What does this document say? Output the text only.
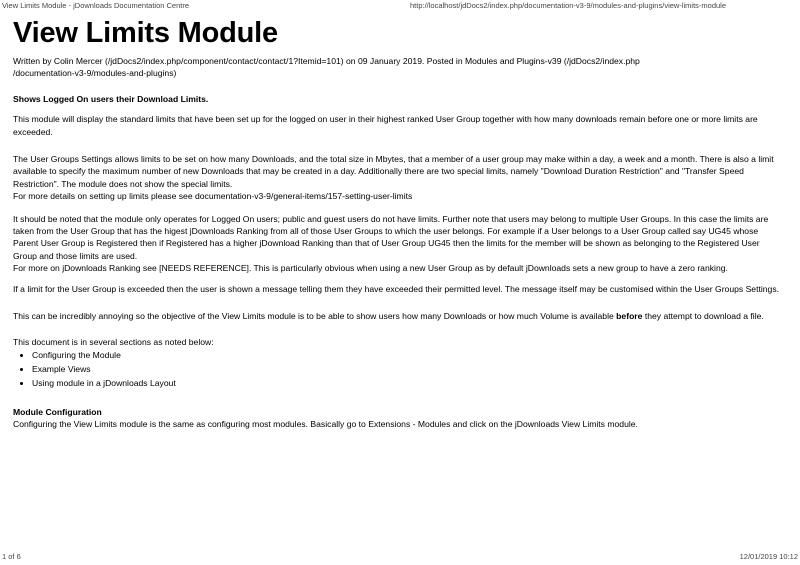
View Limits Module - jDownloads Documentation Centre	http://localhost/jdDocs2/index.php/documentation-v3-9/modules-and-plugins/view-limits-module
View Limits Module

Written by Colin Mercer (/jdDocs2/index.php/component/contact/contact/1?Itemid=101) on 09 January 2019. Posted in Modules and Plugins-v39 (/jdDocs2/index.php
/documentation-v3-9/modules-and-plugins)

Shows Logged On users their Download Limits.

This module will display the standard limits that have been set up for the logged on user in their highest ranked User Group together with how many downloads remain before one or more limits are exceeded.

The User Groups Settings allows limits to be set on how many Downloads, and the total size in Mbytes, that a member of a user group may make within a day, a week and a month. There is also a limit available to specify the maximum number of new Downloads that may be created in a day. Additionally there are two special limits, namely "Download Duration Restriction" and "Transfer Speed Restriction". The module does not show the special limits.
For more details on setting up limits please see documentation-v3-9/general-items/157-setting-user-limits
It should be noted that the module only operates for Logged On users; public and guest users do not have limits. Further note that users may belong to multiple User Groups. In this case the limits are taken from the User Group that has the higest jDownloads Ranking from all of those User Groups to which the user belongs. For example if a User belongs to a User Group called say UG45 whose Parent User Group is Registered then if Registered has a higher jDownload Ranking than that of User Group UG45 then the limits for the member will be shown as belonging to the Registered User Group and those limits are used.
For more on jDownloads Ranking see [NEEDS REFERENCE]. This is particularly obvious when using a new User Group as by default jDownloads sets a new group to have a zero ranking.

If a limit for the User Group is exceeded then the user is shown a message telling them they have exceeded their permitted level. The message itself may be customised within the User Groups Settings.

This can be incredibly annoying so the objective of the View Limits module is to be able to show users how many Downloads or how much Volume is available before they attempt to download a file.

This document is in several sections as noted below:

• Configuring the Module
• Example Views
• Using module in a jDownloads Layout

Module Configuration

Configuring the View Limits module is the same as configuring most modules. Basically go to Extensions - Modules and click on the jDownloads View Limits module.

1 of 6	12/01/2019 10:12
